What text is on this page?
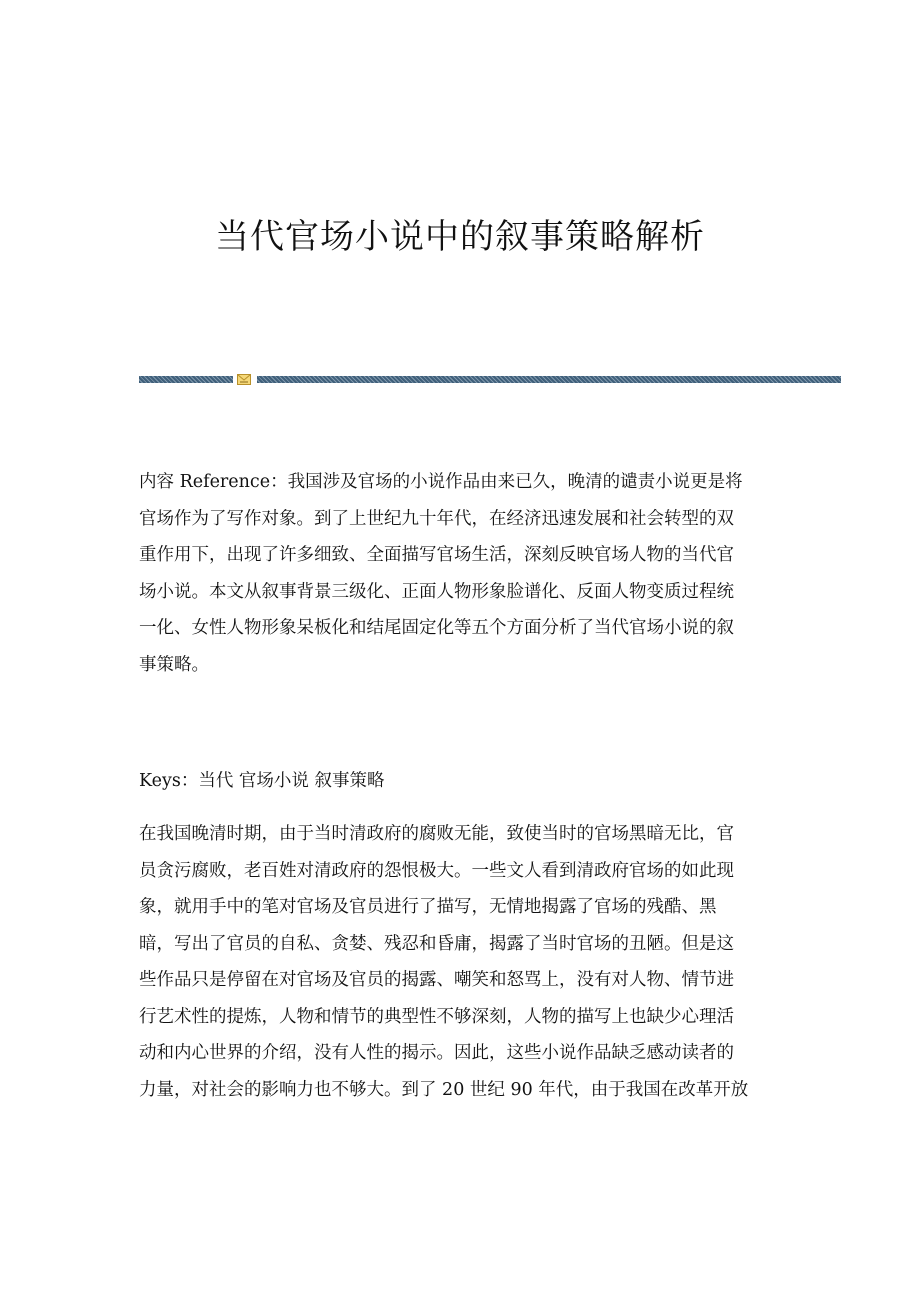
当代官场小说中的叙事策略解析
内容 Reference：我国涉及官场的小说作品由来已久，晚清的谴责小说更是将
官场作为了写作对象。到了上世纪九十年代，在经济迅速发展和社会转型的双
重作用下，出现了许多细致、全面描写官场生活，深刻反映官场人物的当代官
场小说。本文从叙事背景三级化、正面人物形象脸谱化、反面人物变质过程统
一化、女性人物形象呆板化和结尾固定化等五个方面分析了当代官场小说的叙
事策略。
Keys：当代 官场小说 叙事策略
在我国晚清时期，由于当时清政府的腐败无能，致使当时的官场黑暗无比，官
员贪污腐败，老百姓对清政府的怨恨极大。一些文人看到清政府官场的如此现
象，就用手中的笔对官场及官员进行了描写，无情地揭露了官场的残酷、黑
暗，写出了官员的自私、贪婪、残忍和昏庸，揭露了当时官场的丑陋。但是这
些作品只是停留在对官场及官员的揭露、嘲笑和怒骂上，没有对人物、情节进
行艺术性的提炼，人物和情节的典型性不够深刻，人物的描写上也缺少心理活
动和内心世界的介绍，没有人性的揭示。因此，这些小说作品缺乏感动读者的
力量，对社会的影响力也不够大。到了 20 世纪 90 年代，由于我国在改革开放
